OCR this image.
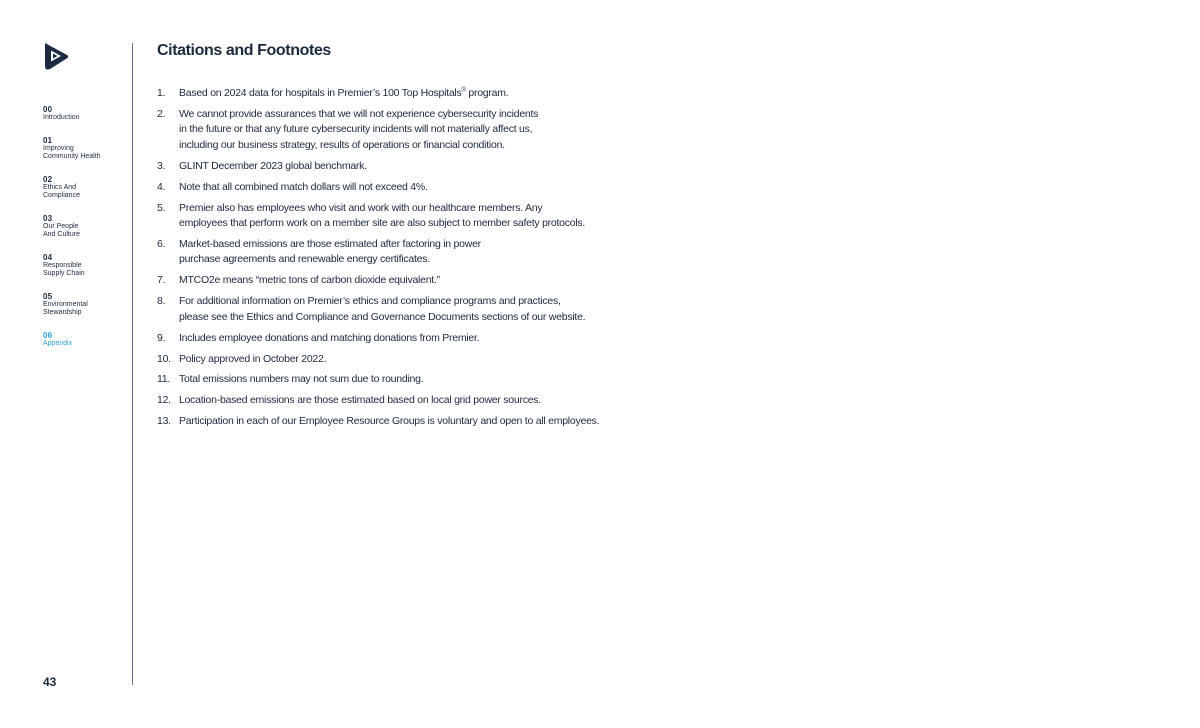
00
Introduction
01
Improving
Community Health
02
Ethics And
Compliance
03
Our People
And Culture
04
Responsible
Supply Chain
05
Environmental
Stewardship
06
Appendix
43
Citations and Footnotes
1.	Based on 2024 data for hospitals in Premier’s 100 Top Hospitals® program.
2.	We cannot provide assurances that we will not experience cybersecurity incidents
in the future or that any future cybersecurity incidents will not materially affect us,
including our business strategy, results of operations or financial condition.
3.	GLINT December 2023 global benchmark.
4.	Note that all combined match dollars will not exceed 4%.
5.	Premier also has employees who visit and work with our healthcare members. Any
employees that perform work on a member site are also subject to member safety protocols.
6.	Market-based emissions are those estimated after factoring in power
purchase agreements and renewable energy certificates.
7.	MTCO2e means “metric tons of carbon dioxide equivalent.”
8.	For additional information on Premier’s ethics and compliance programs and practices,
please see the Ethics and Compliance and Governance Documents sections of our website.
9.	Includes employee donations and matching donations from Premier.
10. Policy approved in October 2022.
11. Total emissions numbers may not sum due to rounding.
12. Location-based emissions are those estimated based on local grid power sources.
13. Participation in each of our Employee Resource Groups is voluntary and open to all employees.
